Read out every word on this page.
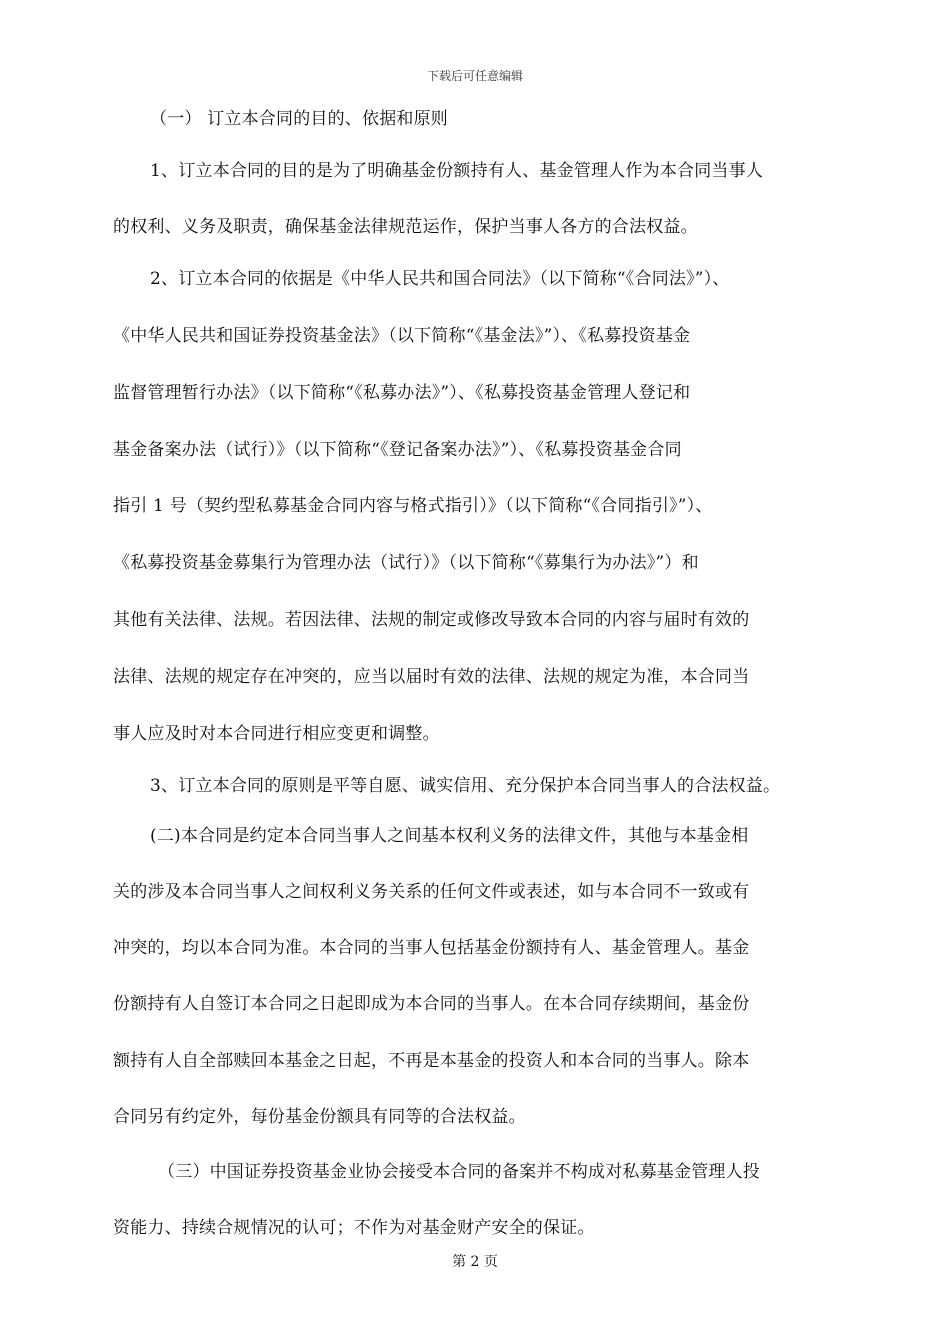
下载后可任意编辑
（一） 订立本合同的目的、依据和原则
1、订立本合同的目的是为了明确基金份额持有人、基金管理人作为本合同当事人
的权利、义务及职责，确保基金法律规范运作，保护当事人各方的合法权益。
2、订立本合同的依据是《中华人民共和国合同法》（以下简称“《合同法》”）、
《中华人民共和国证券投资基金法》（以下简称“《基金法》”）、《私募投资基金
监督管理暂行办法》（以下简称“《私募办法》”）、《私募投资基金管理人登记和
基金备案办法（试行）》（以下简称“《登记备案办法》”）、《私募投资基金合同
指引 1 号（契约型私募基金合同内容与格式指引）》（以下简称“《合同指引》”）、
《私募投资基金募集行为管理办法（试行）》（以下简称“《募集行为办法》”）和
其他有关法律、法规。若因法律、法规的制定或修改导致本合同的内容与届时有效的
法律、法规的规定存在冲突的，应当以届时有效的法律、法规的规定为准，本合同当
事人应及时对本合同进行相应变更和调整。
3、订立本合同的原则是平等自愿、诚实信用、充分保护本合同当事人的合法权益。
(二)本合同是约定本合同当事人之间基本权利义务的法律文件，其他与本基金相
关的涉及本合同当事人之间权利义务关系的任何文件或表述，如与本合同不一致或有
冲突的，均以本合同为准。本合同的当事人包括基金份额持有人、基金管理人。基金
份额持有人自签订本合同之日起即成为本合同的当事人。在本合同存续期间，基金份
额持有人自全部赎回本基金之日起，不再是本基金的投资人和本合同的当事人。除本
合同另有约定外，每份基金份额具有同等的合法权益。
（三）中国证券投资基金业协会接受本合同的备案并不构成对私募基金管理人投
资能力、持续合规情况的认可；不作为对基金财产安全的保证。
第 2 页
